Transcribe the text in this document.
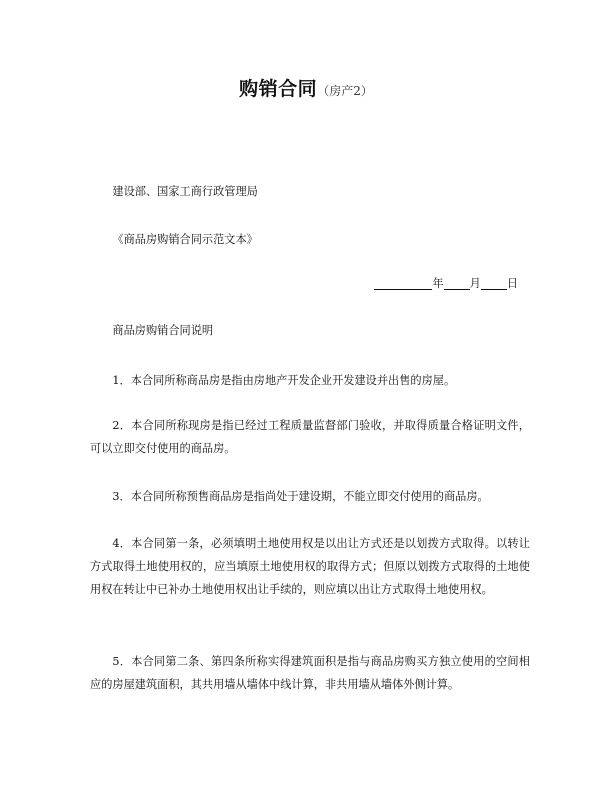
购销合同（房产2）
建设部、国家工商行政管理局
《商品房购销合同示范文本》
年 月 日
商品房购销合同说明
1．本合同所称商品房是指由房地产开发企业开发建设并出售的房屋。
2．本合同所称现房是指已经过工程质量监督部门验收，并取得质量合格证明文件，可以立即交付使用的商品房。
3．本合同所称预售商品房是指尚处于建设期，不能立即交付使用的商品房。
4．本合同第一条，必须填明土地使用权是以出让方式还是以划拨方式取得。以转让方式取得土地使用权的，应当填原土地使用权的取得方式；但原以划拨方式取得的土地使用权在转让中已补办土地使用权出让手续的，则应填以出让方式取得土地使用权。
5．本合同第二条、第四条所称实得建筑面积是指与商品房购买方独立使用的空间相应的房屋建筑面积，其共用墙从墙体中线计算，非共用墙从墙体外侧计算。
